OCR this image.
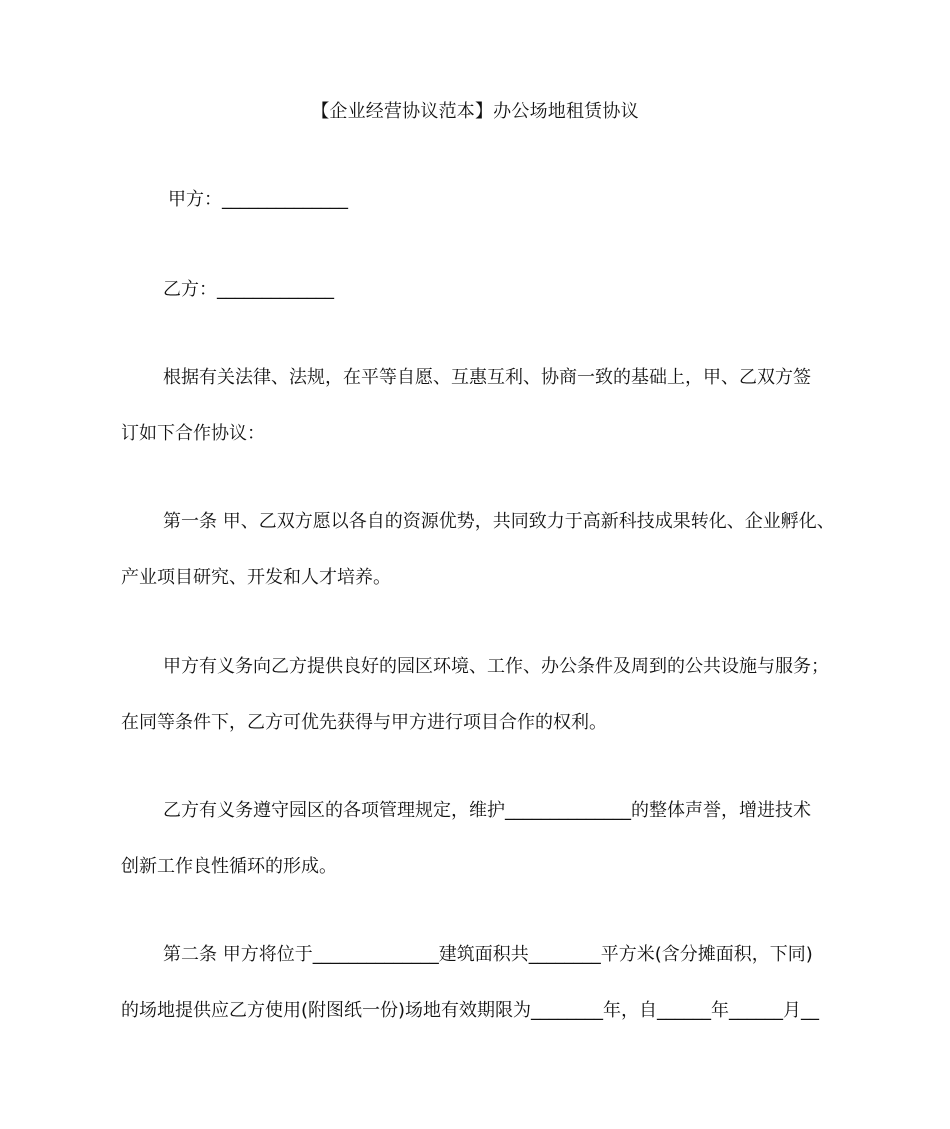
【企业经营协议范本】办公场地租赁协议
甲方：______________
乙方：_____________
根据有关法律、法规，在平等自愿、互惠互利、协商一致的基础上，甲、乙双方签
订如下合作协议：
第一条 甲、乙双方愿以各自的资源优势，共同致力于高新科技成果转化、企业孵化、
产业项目研究、开发和人才培养。
甲方有义务向乙方提供良好的园区环境、工作、办公条件及周到的公共设施与服务；
在同等条件下，乙方可优先获得与甲方进行项目合作的权利。
乙方有义务遵守园区的各项管理规定，维护______________的整体声誉，增进技术
创新工作良性循环的形成。
第二条 甲方将位于______________建筑面积共________平方米(含分摊面积，下同)
的场地提供应乙方使用(附图纸一份)场地有效期限为________年，自______年______月__
